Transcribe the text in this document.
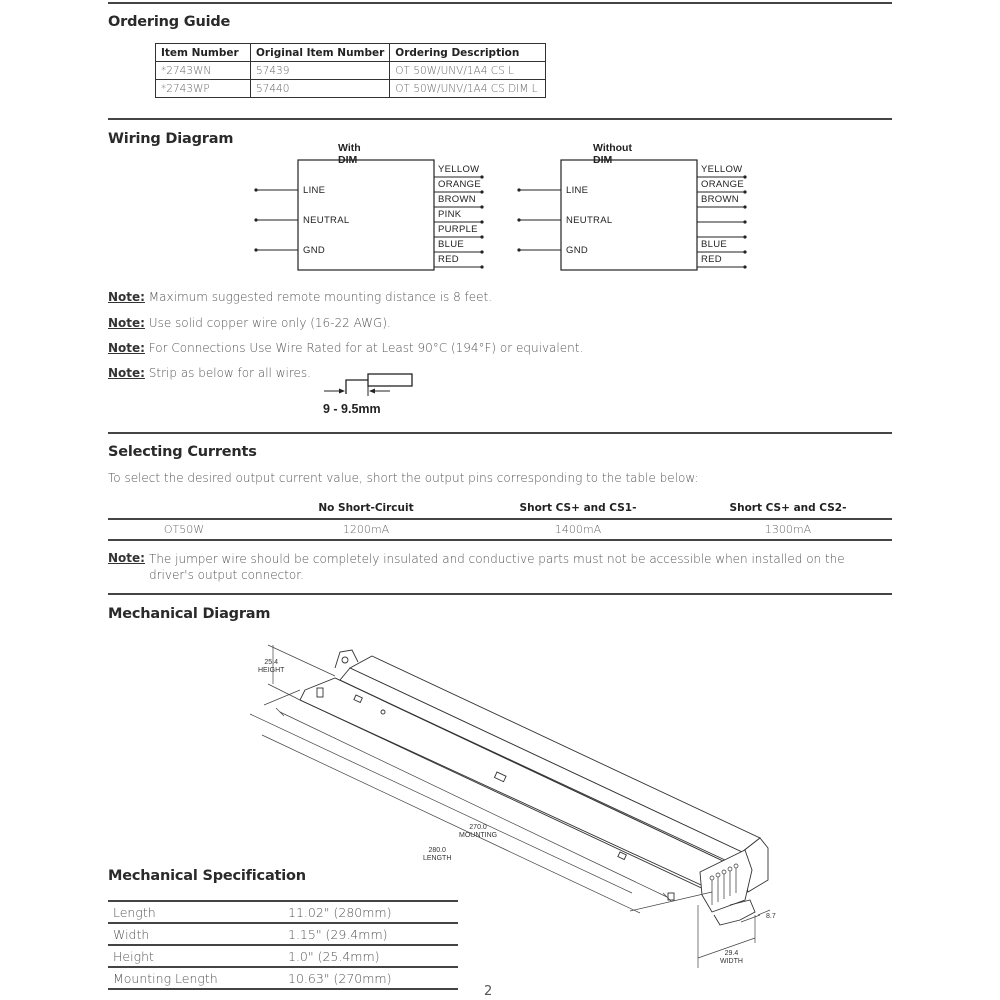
Ordering Guide
Item Number	Original Item Number	Ordering Description
*2743WN	57439	OT 50W/UNV/1A4 CS L
*2743WP	57440	OT 50W/UNV/1A4 CS DIM L
Wiring Diagram
With DIM
LINE
NEUTRAL
GND
YELLOW
ORANGE
BROWN
PINK
PURPLE
BLUE
RED
Without DIM
LINE
NEUTRAL
GND
YELLOW
ORANGE
BROWN
BLUE
RED
Note: Maximum suggested remote mounting distance is 8 feet.
Note: Use solid copper wire only (16-22 AWG).
Note: For Connections Use Wire Rated for at Least 90°C (194°F) or equivalent.
Note: Strip as below for all wires.
9 - 9.5mm
Selecting Currents
To select the desired output current value, short the output pins corresponding to the table below:
	No Short-Circuit	Short CS+ and CS1-	Short CS+ and CS2-
OT50W	1200mA	1400mA	1300mA
Note: The jumper wire should be completely insulated and conductive parts must not be accessible when installed on the driver's output connector.
Mechanical Diagram
25.4
HEIGHT
270.0
MOUNTING
280.0
LENGTH
29.4
WIDTH
8.7
Mechanical Specification
Length	11.02" (280mm)
Width	1.15" (29.4mm)
Height	1.0" (25.4mm)
Mounting Length	10.63" (270mm)
2
